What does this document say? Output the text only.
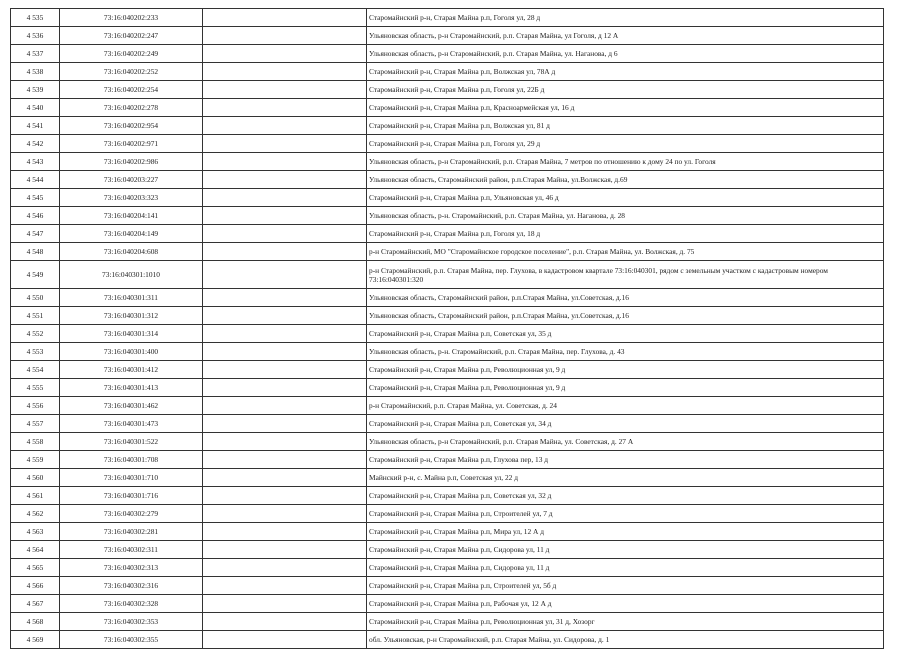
4 535	73:16:040202:233		Старомайнский р-н, Старая Майна р.п, Гоголя ул, 28 д
4 536	73:16:040202:247		Ульяновская область, р-н Старомайнский, р.п. Старая Майна, ул Гоголя, д 12 А
4 537	73:16:040202:249		Ульяновская область, р-н Старомайнский, р.п. Старая Майна, ул. Наганова, д 6
4 538	73:16:040202:252		Старомайнский р-н, Старая Майна р.п, Волжская ул, 78А д
4 539	73:16:040202:254		Старомайнский р-н, Старая Майна р.п, Гоголя ул, 22Б д
4 540	73:16:040202:278		Старомайнский р-н, Старая Майна р.п, Красноармейская ул, 16 д
4 541	73:16:040202:954		Старомайнский р-н, Старая Майна р.п, Волжская ул, 81 д
4 542	73:16:040202:971		Старомайнский р-н, Старая Майна р.п, Гоголя ул, 29 д
4 543	73:16:040202:986		Ульяновская область, р-н Старомайнский, р.п. Старая Майна, 7 метров по отношению к дому 24 по ул. Гоголя
4 544	73:16:040203:227		Ульяновская область, Старомайнский район, р.п.Старая Майна, ул.Волжская, д.69
4 545	73:16:040203:323		Старомайнский р-н, Старая Майна р.п, Ульяновская ул, 46 д
4 546	73:16:040204:141		Ульяновская область, р-н. Старомайнский, р.п. Старая Майна, ул. Наганова, д. 28
4 547	73:16:040204:149		Старомайнский р-н, Старая Майна р.п, Гоголя ул, 18 д
4 548	73:16:040204:608		р-н Старомайнский, МО "Старомайнское городское поселение", р.п. Старая Майна, ул. Волжская, д. 75
4 549	73:16:040301:1010		р-н Старомайнский, р.п. Старая Майна, пер. Глухова, в кадастровом квартале 73:16:040301, рядом с земельным участком с кадастровым номером 73:16:040301:320
4 550	73:16:040301:311		Ульяновская область, Старомайнский район, р.п.Старая Майна, ул.Советская, д.16
4 551	73:16:040301:312		Ульяновская область, Старомайнский район, р.п.Старая Майна, ул.Советская, д.16
4 552	73:16:040301:314		Старомайнский р-н, Старая Майна р.п, Советская ул, 35 д
4 553	73:16:040301:400		Ульяновская область, р-н. Старомайнский, р.п. Старая Майна, пер. Глухова, д. 43
4 554	73:16:040301:412		Старомайнский р-н, Старая Майна р.п, Революционная ул, 9 д
4 555	73:16:040301:413		Старомайнский р-н, Старая Майна р.п, Революционная ул, 9 д
4 556	73:16:040301:462		р-н Старомайнский, р.п. Старая Майна, ул. Советская, д. 24
4 557	73:16:040301:473		Старомайнский р-н, Старая Майна р.п, Советская ул, 34 д
4 558	73:16:040301:522		Ульяновская область, р-н Старомайнский, р.п. Старая Майна, ул. Советская, д. 27 А
4 559	73:16:040301:708		Старомайнский р-н, Старая Майна р.п, Глухова пер, 13 д
4 560	73:16:040301:710		Майнский р-н, с. Майна р.п, Советская ул, 22 д
4 561	73:16:040301:716		Старомайнский р-н, Старая Майна р.п, Советская ул, 32 д
4 562	73:16:040302:279		Старомайнский р-н, Старая Майна р.п, Строителей ул, 7 д
4 563	73:16:040302:281		Старомайнский р-н, Старая Майна р.п, Мира ул, 12 А д
4 564	73:16:040302:311		Старомайнский р-н, Старая Майна р.п, Сидорова ул, 11 д
4 565	73:16:040302:313		Старомайнский р-н, Старая Майна р.п, Сидорова ул, 11 д
4 566	73:16:040302:316		Старомайнский р-н, Старая Майна р.п, Строителей ул, 5б д
4 567	73:16:040302:328		Старомайнский р-н, Старая Майна р.п, Рабочая ул, 12 А д
4 568	73:16:040302:353		Старомайнский р-н, Старая Майна р.п, Революционная ул, 31 д, Хозорг
4 569	73:16:040302:355		обл. Ульяновская, р-н Старомайнский, р.п. Старая Майна, ул. Сидорова, д. 1
